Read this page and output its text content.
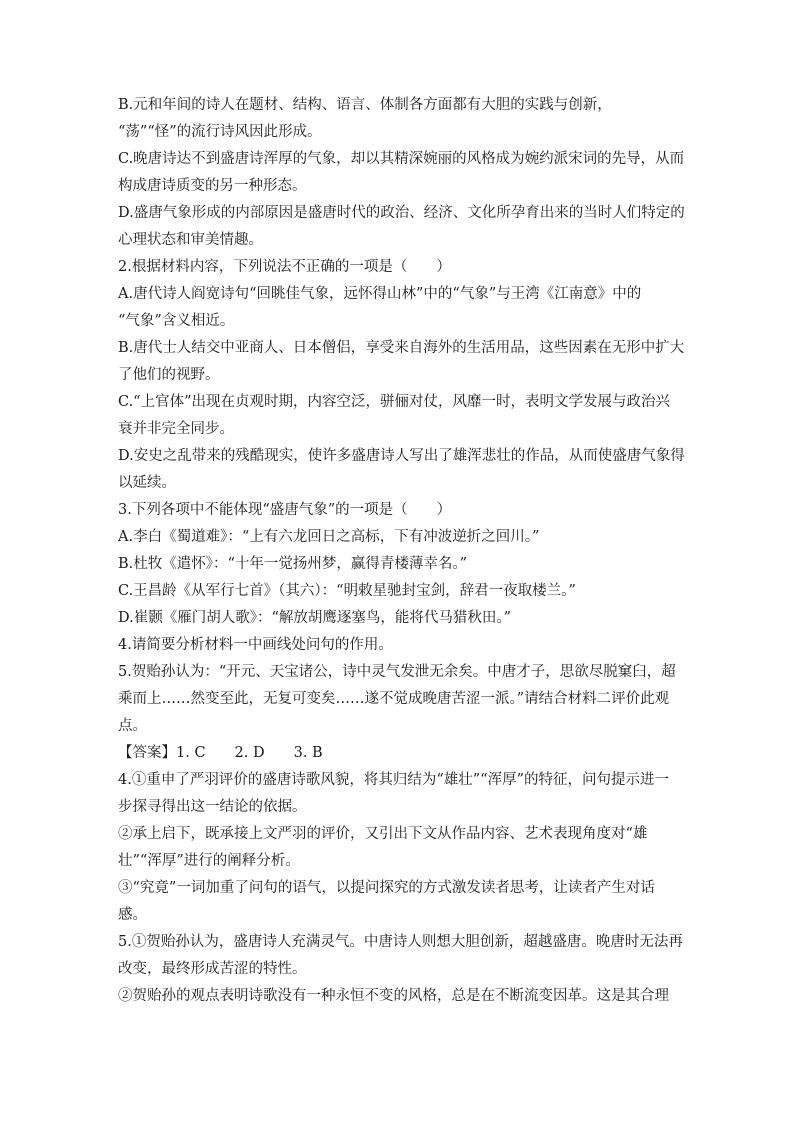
B.元和年间的诗人在题材、结构、语言、体制各方面都有大胆的实践与创新，
“荡”“怪”的流行诗风因此形成。
C.晚唐诗达不到盛唐诗浑厚的气象，却以其精深婉丽的风格成为婉约派宋词的先导，从而
构成唐诗质变的另一种形态。
D.盛唐气象形成的内部原因是盛唐时代的政治、经济、文化所孕育出来的当时人们特定的
心理状态和审美情趣。
2.根据材料内容，下列说法不正确的一项是（　　）
A.唐代诗人阎宽诗句“回眺佳气象，远怀得山林”中的“气象”与王湾《江南意》中的
“气象”含义相近。
B.唐代士人结交中亚商人、日本僧侣，享受来自海外的生活用品，这些因素在无形中扩大
了他们的视野。
C.“上官体”出现在贞观时期，内容空泛，骈俪对仗，风靡一时，表明文学发展与政治兴
衰并非完全同步。
D.安史之乱带来的残酷现实，使许多盛唐诗人写出了雄浑悲壮的作品，从而使盛唐气象得
以延续。
3.下列各项中不能体现“盛唐气象”的一项是（　　）
A.李白《蜀道难》：“上有六龙回日之高标，下有冲波逆折之回川。”
B.杜牧《遣怀》：“十年一觉扬州梦，赢得青楼薄幸名。”
C.王昌龄《从军行七首》（其六）：“明敕星驰封宝剑，辞君一夜取楼兰。”
D.崔颢《雁门胡人歌》：“解放胡鹰逐塞鸟，能将代马猎秋田。”
4.请简要分析材料一中画线处问句的作用。
5.贺贻孙认为：“开元、天宝诸公，诗中灵气发泄无余矣。中唐才子，思欲尽脱窠臼，超
乘而上……然变至此，无复可变矣……遂不觉成晚唐苦涩一派。”请结合材料二评价此观
点。
【答案】1. C　　2. D　　3. B
4.①重申了严羽评价的盛唐诗歌风貌，将其归结为“雄壮”“浑厚”的特征，问句提示进一
步探寻得出这一结论的依据。
②承上启下，既承接上文严羽的评价，又引出下文从作品内容、艺术表现角度对“雄
壮”“浑厚”进行的阐释分析。
③“究竟”一词加重了问句的语气，以提问探究的方式激发读者思考，让读者产生对话
感。
5.①贺贻孙认为，盛唐诗人充满灵气。中唐诗人则想大胆创新，超越盛唐。晚唐时无法再
改变，最终形成苦涩的特性。
②贺贻孙的观点表明诗歌没有一种永恒不变的风格，总是在不断流变因革。这是其合理
